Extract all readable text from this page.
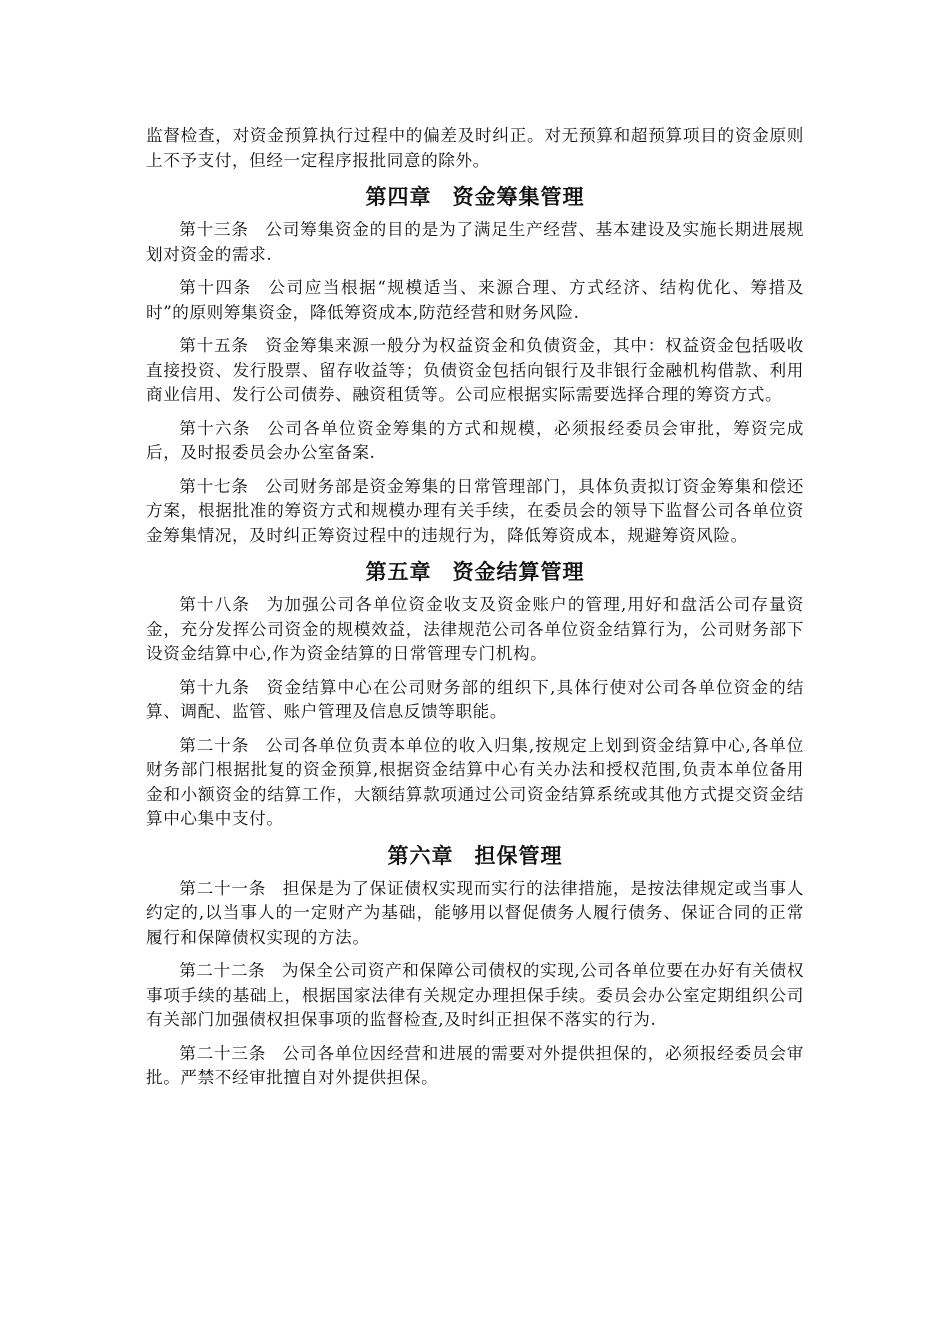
监督检查，对资金预算执行过程中的偏差及时纠正。对无预算和超预算项目的资金原则上不予支付，但经一定程序报批同意的除外。

第四章 资金筹集管理

第十三条 公司筹集资金的目的是为了满足生产经营、基本建设及实施长期进展规划对资金的需求.

第十四条 公司应当根据“规模适当、来源合理、方式经济、结构优化、筹措及时”的原则筹集资金，降低筹资成本,防范经营和财务风险.

第十五条 资金筹集来源一般分为权益资金和负债资金，其中：权益资金包括吸收直接投资、发行股票、留存收益等；负债资金包括向银行及非银行金融机构借款、利用商业信用、发行公司债券、融资租赁等。公司应根据实际需要选择合理的筹资方式。

第十六条 公司各单位资金筹集的方式和规模，必须报经委员会审批，筹资完成后，及时报委员会办公室备案.

第十七条 公司财务部是资金筹集的日常管理部门，具体负责拟订资金筹集和偿还方案，根据批准的筹资方式和规模办理有关手续，在委员会的领导下监督公司各单位资金筹集情况，及时纠正筹资过程中的违规行为，降低筹资成本，规避筹资风险。

第五章 资金结算管理

第十八条 为加强公司各单位资金收支及资金账户的管理,用好和盘活公司存量资金，充分发挥公司资金的规模效益，法律规范公司各单位资金结算行为，公司财务部下设资金结算中心,作为资金结算的日常管理专门机构。

第十九条 资金结算中心在公司财务部的组织下,具体行使对公司各单位资金的结算、调配、监管、账户管理及信息反馈等职能。

第二十条 公司各单位负责本单位的收入归集,按规定上划到资金结算中心,各单位财务部门根据批复的资金预算,根据资金结算中心有关办法和授权范围,负责本单位备用金和小额资金的结算工作，大额结算款项通过公司资金结算系统或其他方式提交资金结算中心集中支付。

第六章 担保管理

第二十一条 担保是为了保证债权实现而实行的法律措施，是按法律规定或当事人约定的,以当事人的一定财产为基础，能够用以督促债务人履行债务、保证合同的正常履行和保障债权实现的方法。

第二十二条 为保全公司资产和保障公司债权的实现,公司各单位要在办好有关债权事项手续的基础上，根据国家法律有关规定办理担保手续。委员会办公室定期组织公司有关部门加强债权担保事项的监督检查,及时纠正担保不落实的行为.

第二十三条 公司各单位因经营和进展的需要对外提供担保的，必须报经委员会审批。严禁不经审批擅自对外提供担保。
